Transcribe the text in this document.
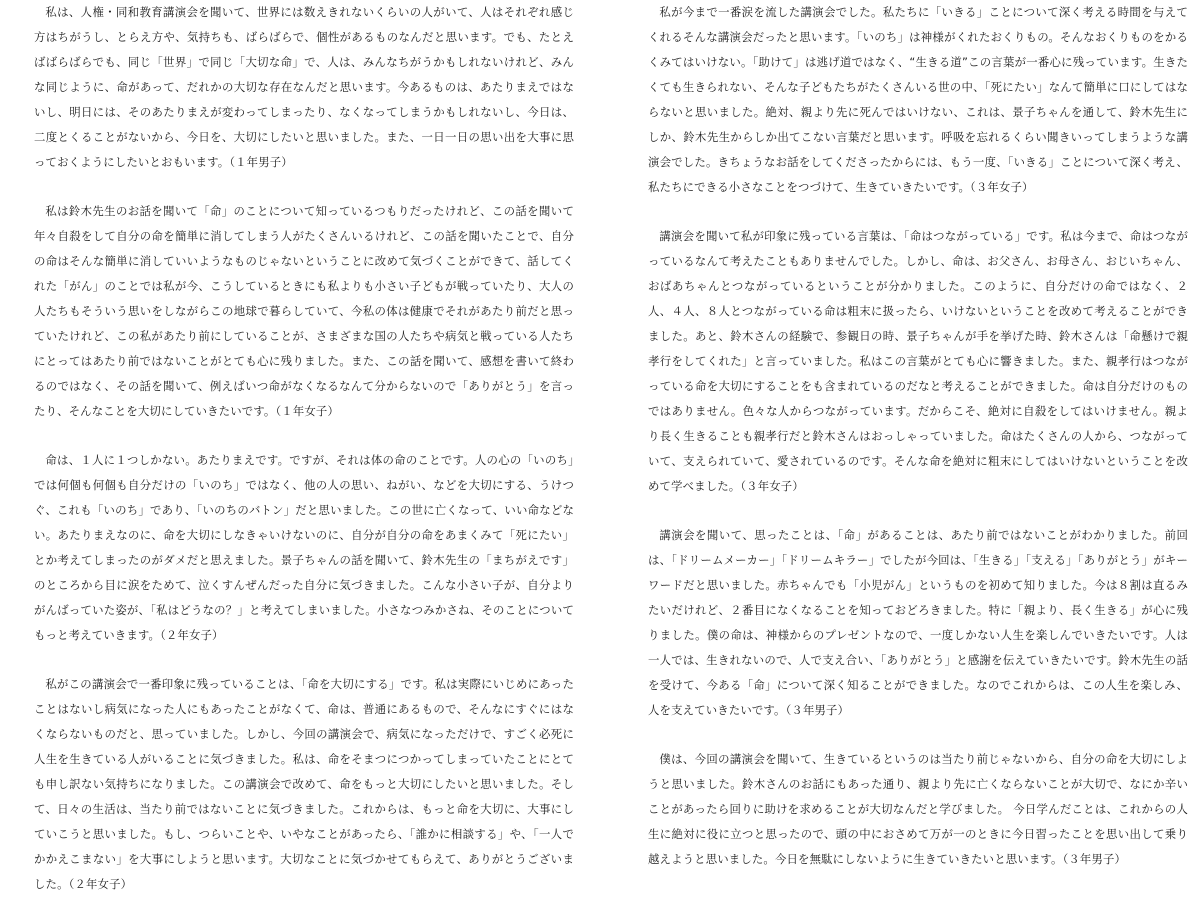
私は、人権・同和教育講演会を聞いて、世界には数えきれないくらいの人がいて、人はそれぞれ感じ方はちがうし、とらえ方や、気持ちも、ばらばらで、個性があるものなんだと思います。でも、たとえばばらばらでも、同じ「世界」で同じ「大切な命」で、人は、みんなちがうかもしれないけれど、みんな同じように、命があって、だれかの大切な存在なんだと思います。今あるものは、あたりまえではないし、明日には、そのあたりまえが変わってしまったり、なくなってしまうかもしれないし、今日は、二度とくることがないから、今日を、大切にしたいと思いました。また、一日一日の思い出を大事に思っておくようにしたいとおもいます。（１年男子）

私は鈴木先生のお話を聞いて「命」のことについて知っているつもりだったけれど、この話を聞いて年々自殺をして自分の命を簡単に消してしまう人がたくさんいるけれど、この話を聞いたことで、自分の命はそんな簡単に消していいようなものじゃないということに改めて気づくことができて、話してくれた「がん」のことでは私が今、こうしているときにも私よりも小さい子どもが戦っていたり、大人の人たちもそういう思いをしながらこの地球で暮らしていて、今私の体は健康でそれがあたり前だと思っていたけれど、この私があたり前にしていることが、さまざまな国の人たちや病気と戦っている人たちにとってはあたり前ではないことがとても心に残りました。また、この話を聞いて、感想を書いて終わるのではなく、その話を聞いて、例えばいつ命がなくなるなんて分からないので「ありがとう」を言ったり、そんなことを大切にしていきたいです。（１年女子）

命は、１人に１つしかない。あたりまえです。ですが、それは体の命のことです。人の心の「いのち」では何個も何個も自分だけの「いのち」ではなく、他の人の思い、ねがい、などを大切にする、うけつぐ、これも「いのち」であり、「いのちのバトン」だと思いました。この世に亡くなって、いい命などない。あたりまえなのに、命を大切にしなきゃいけないのに、自分が自分の命をあまくみて「死にたい」とか考えてしまったのがダメだと思えました。景子ちゃんの話を聞いて、鈴木先生の「まちがえです」のところから目に涙をためて、泣くすんぜんだった自分に気づきました。こんな小さい子が、自分よりがんばっていた姿が、「私はどうなの？」と考えてしまいました。小さなつみかさね、そのことについてもっと考えていきます。（２年女子）

私がこの講演会で一番印象に残っていることは、「命を大切にする」です。私は実際にいじめにあったことはないし病気になった人にもあったことがなくて、命は、普通にあるもので、そんなにすぐにはなくならないものだと、思っていました。しかし、今回の講演会で、病気になっただけで、すごく必死に人生を生きている人がいることに気づきました。私は、命をそまつにつかってしまっていたことにとても申し訳ない気持ちになりました。この講演会で改めて、命をもっと大切にしたいと思いました。そして、日々の生活は、当たり前ではないことに気づきました。これからは、もっと命を大切に、大事にしていこうと思いました。もし、つらいことや、いやなことがあったら、「誰かに相談する」や、「一人でかかえこまない」を大事にしようと思います。大切なことに気づかせてもらえて、ありがとうございました。（２年女子）

私が今まで一番涙を流した講演会でした。私たちに「いきる」ことについて深く考える時間を与えてくれるそんな講演会だったと思います。「いのち」は神様がくれたおくりもの。そんなおくりものをかるくみてはいけない。「助けて」は逃げ道ではなく、“生きる道”この言葉が一番心に残っています。生きたくても生きられない、そんな子どもたちがたくさんいる世の中、「死にたい」なんて簡単に口にしてはならないと思いました。絶対、親より先に死んではいけない、これは、景子ちゃんを通して、鈴木先生にしか、鈴木先生からしか出てこない言葉だと思います。呼吸を忘れるくらい聞きいってしまうような講演会でした。きちょうなお話をしてくださったからには、もう一度、「いきる」ことについて深く考え、私たちにできる小さなことをつづけて、生きていきたいです。（３年女子）

講演会を聞いて私が印象に残っている言葉は、「命はつながっている」です。私は今まで、命はつながっているなんて考えたこともありませんでした。しかし、命は、お父さん、お母さん、おじいちゃん、おばあちゃんとつながっているということが分かりました。このように、自分だけの命ではなく、２人、４人、８人とつながっている命は粗末に扱ったら、いけないということを改めて考えることができました。あと、鈴木さんの経験で、参観日の時、景子ちゃんが手を挙げた時、鈴木さんは「命懸けで親孝行をしてくれた」と言っていました。私はこの言葉がとても心に響きました。また、親孝行はつながっている命を大切にすることをも含まれているのだなと考えることができました。命は自分だけのものではありません。色々な人からつながっています。だからこそ、絶対に自殺をしてはいけません。親より長く生きることも親孝行だと鈴木さんはおっしゃっていました。命はたくさんの人から、つながっていて、支えられていて、愛されているのです。そんな命を絶対に粗末にしてはいけないということを改めて学べました。（３年女子）

講演会を聞いて、思ったことは、「命」があることは、あたり前ではないことがわかりました。前回は、「ドリームメーカー」「ドリームキラー」でしたが今回は、「生きる」「支える」「ありがとう」がキーワードだと思いました。赤ちゃんでも「小児がん」というものを初めて知りました。今は８割は直るみたいだけれど、２番目になくなることを知っておどろきました。特に「親より、長く生きる」が心に残りました。僕の命は、神様からのプレゼントなので、一度しかない人生を楽しんでいきたいです。人は一人では、生きれないので、人で支え合い、「ありがとう」と感謝を伝えていきたいです。鈴木先生の話を受けて、今ある「命」について深く知ることができました。なのでこれからは、この人生を楽しみ、人を支えていきたいです。（３年男子）

僕は、今回の講演会を聞いて、生きているというのは当たり前じゃないから、自分の命を大切にしようと思いました。鈴木さんのお話にもあった通り、親より先に亡くならないことが大切で、なにか辛いことがあったら回りに助けを求めることが大切なんだと学びました。 今日学んだことは、これからの人生に絶対に役に立つと思ったので、頭の中におさめて万が一のときに今日習ったことを思い出して乗り越えようと思いました。今日を無駄にしないように生きていきたいと思います。（３年男子）
